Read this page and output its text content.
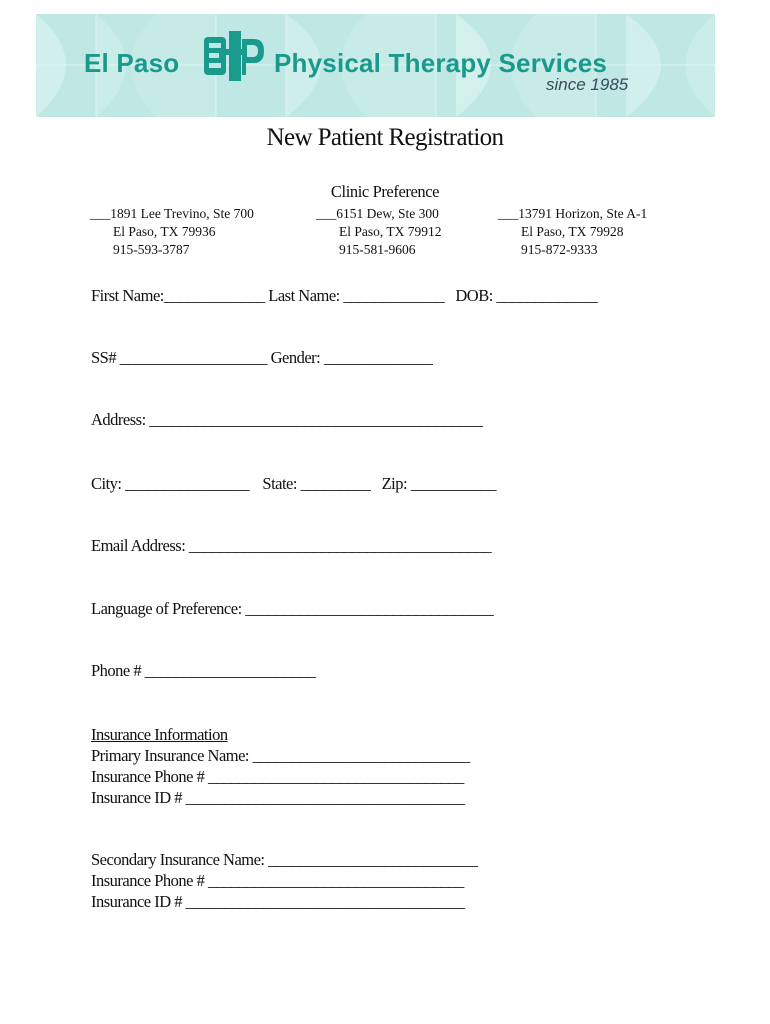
El Paso	Physical Therapy Services
since 1985
New Patient Registration
Clinic Preference
___1891 Lee Trevino, Ste 700
El Paso, TX 79936
915-593-3787
___6151 Dew, Ste 300
El Paso, TX 79912
915-581-9606
___13791 Horizon, Ste A-1
El Paso, TX 79928
915-872-9333
First Name:_____________ Last Name: _____________ DOB: _____________
SS# ___________________ Gender: ______________
Address: ___________________________________________
City: ________________ State: _________ Zip: ___________
Email Address: _______________________________________
Language of Preference: ________________________________
Phone # ______________________
Insurance Information
Primary Insurance Name: ____________________________
Insurance Phone # _________________________________
Insurance ID # ____________________________________
Secondary Insurance Name: ___________________________
Insurance Phone # _________________________________
Insurance ID # ____________________________________
